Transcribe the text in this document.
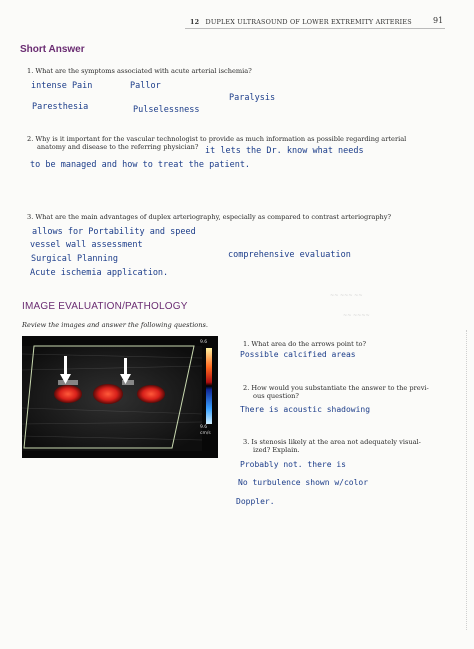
12 DUPLEX ULTRASOUND OF LOWER EXTREMITY ARTERIES	91
Short Answer
1. What are the symptoms associated with acute arterial ischemia?
intense Pain	Pallor
Paralysis
Paresthesia	Pulselessness
2. Why is it important for the vascular technologist to provide as much information as possible regarding arterial
anatomy and disease to the referring physician? it lets the Dr. know what needs
to be managed and how to treat the patient.
3. What are the main advantages of duplex arteriography, especially as compared to contrast arteriography?
allows for Portability and speed
vessel wall assessment
Surgical Planning
Acute ischemia application.
comprehensive evaluation
IMAGE EVALUATION/PATHOLOGY
Review the images and answer the following questions.
~~ ~~~ ~~
~~ ~~~~
9.6
9.6
cm/s
1. What area do the arrows point to?
Possible calcified areas
2. How would you substantiate the answer to the previ-
ous question?
There is acoustic shadowing
3. Is stenosis likely at the area not adequately visual-
ized? Explain.
Probably not. there is
No turbulence shown w/color
Doppler.
